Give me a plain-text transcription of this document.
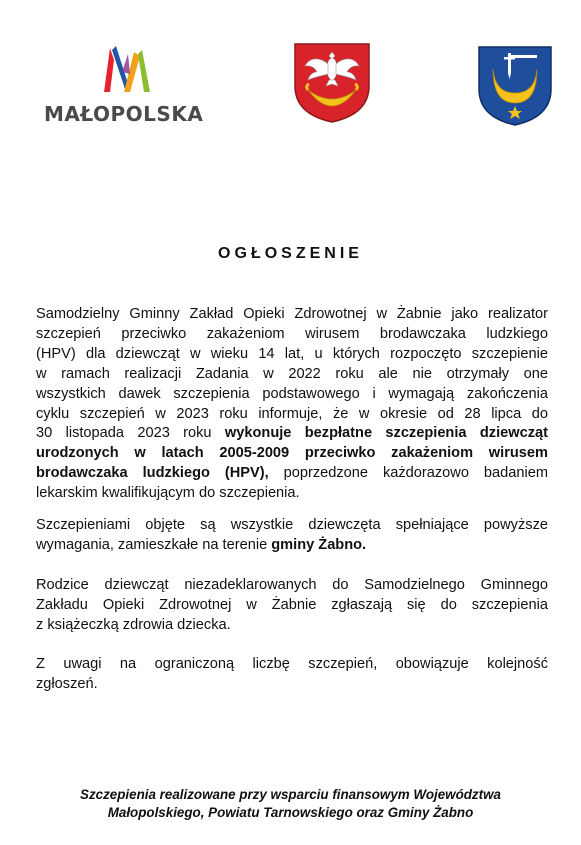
MAŁOPOLSKA
OGŁOSZENIE
Samodzielny Gminny Zakład Opieki Zdrowotnej w Żabnie jako realizator
szczepień przeciwko zakażeniom wirusem brodawczaka ludzkiego
(HPV) dla dziewcząt w wieku 14 lat, u których rozpoczęto szczepienie
w ramach realizacji Zadania w 2022 roku ale nie otrzymały one
wszystkich dawek szczepienia podstawowego i wymagają zakończenia
cyklu szczepień w 2023 roku informuje, że w okresie od 28 lipca do
30 listopada 2023 roku wykonuje bezpłatne szczepienia dziewcząt
urodzonych w latach 2005-2009 przeciwko zakażeniom wirusem
brodawczaka ludzkiego (HPV), poprzedzone każdorazowo badaniem
lekarskim kwalifikującym do szczepienia.
Szczepieniami objęte są wszystkie dziewczęta spełniające powyższe
wymagania, zamieszkałe na terenie gminy Żabno.
Rodzice dziewcząt niezadeklarowanych do Samodzielnego Gminnego
Zakładu Opieki Zdrowotnej w Żabnie zgłaszają się do szczepienia
z książeczką zdrowia dziecka.
Z uwagi na ograniczoną liczbę szczepień, obowiązuje kolejność
zgłoszeń.
Szczepienia realizowane przy wsparciu finansowym Województwa
Małopolskiego, Powiatu Tarnowskiego oraz Gminy Żabno
